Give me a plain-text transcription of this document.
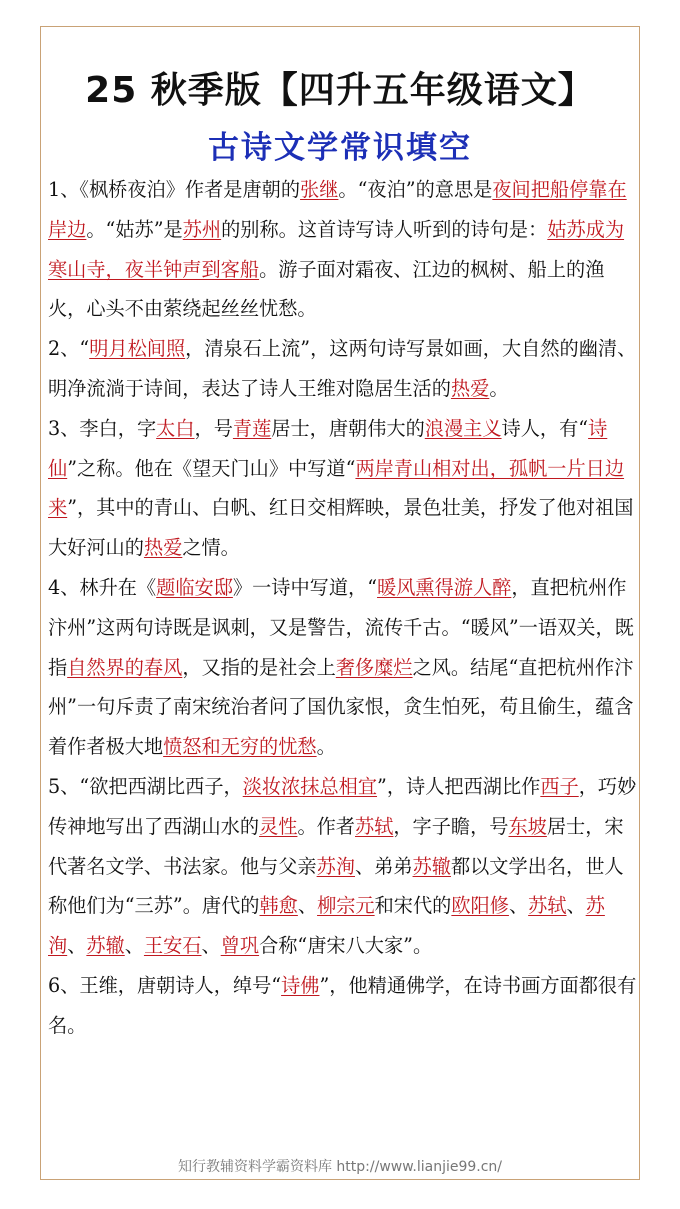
25 秋季版【四升五年级语文】
古诗文学常识填空

1、《枫桥夜泊》作者是唐朝的张继。“夜泊”的意思是夜间把船停靠在岸边。“姑苏”是苏州的别称。这首诗写诗人听到的诗句是：姑苏成为寒山寺，夜半钟声到客船。游子面对霜夜、江边的枫树、船上的渔火，心头不由萦绕起丝丝忧愁。

2、“明月松间照，清泉石上流”，这两句诗写景如画，大自然的幽清、明净流淌于诗间，表达了诗人王维对隐居生活的热爱。

3、李白，字太白，号青莲居士，唐朝伟大的浪漫主义诗人，有“诗仙”之称。他在《望天门山》中写道“两岸青山相对出，孤帆一片日边来”，其中的青山、白帆、红日交相辉映，景色壮美，抒发了他对祖国大好河山的热爱之情。

4、林升在《题临安邸》一诗中写道，“暖风熏得游人醉，直把杭州作汴州”这两句诗既是讽刺，又是警告，流传千古。“暖风”一语双关，既指自然界的春风，又指的是社会上奢侈糜烂之风。结尾“直把杭州作汴州”一句斥责了南宋统治者问了国仇家恨，贪生怕死，苟且偷生，蕴含着作者极大地愤怒和无穷的忧愁。

5、“欲把西湖比西子，淡妆浓抹总相宜”，诗人把西湖比作西子，巧妙传神地写出了西湖山水的灵性。作者苏轼，字子瞻，号东坡居士，宋代著名文学、书法家。他与父亲苏洵、弟弟苏辙都以文学出名，世人称他们为“三苏”。唐代的韩愈、柳宗元和宋代的欧阳修、苏轼、苏洵、苏辙、王安石、曾巩合称“唐宋八大家”。

6、王维，唐朝诗人，绰号“诗佛”，他精通佛学，在诗书画方面都很有名。

知行教辅资料学霸资料库 http://www.lianjie99.cn/
